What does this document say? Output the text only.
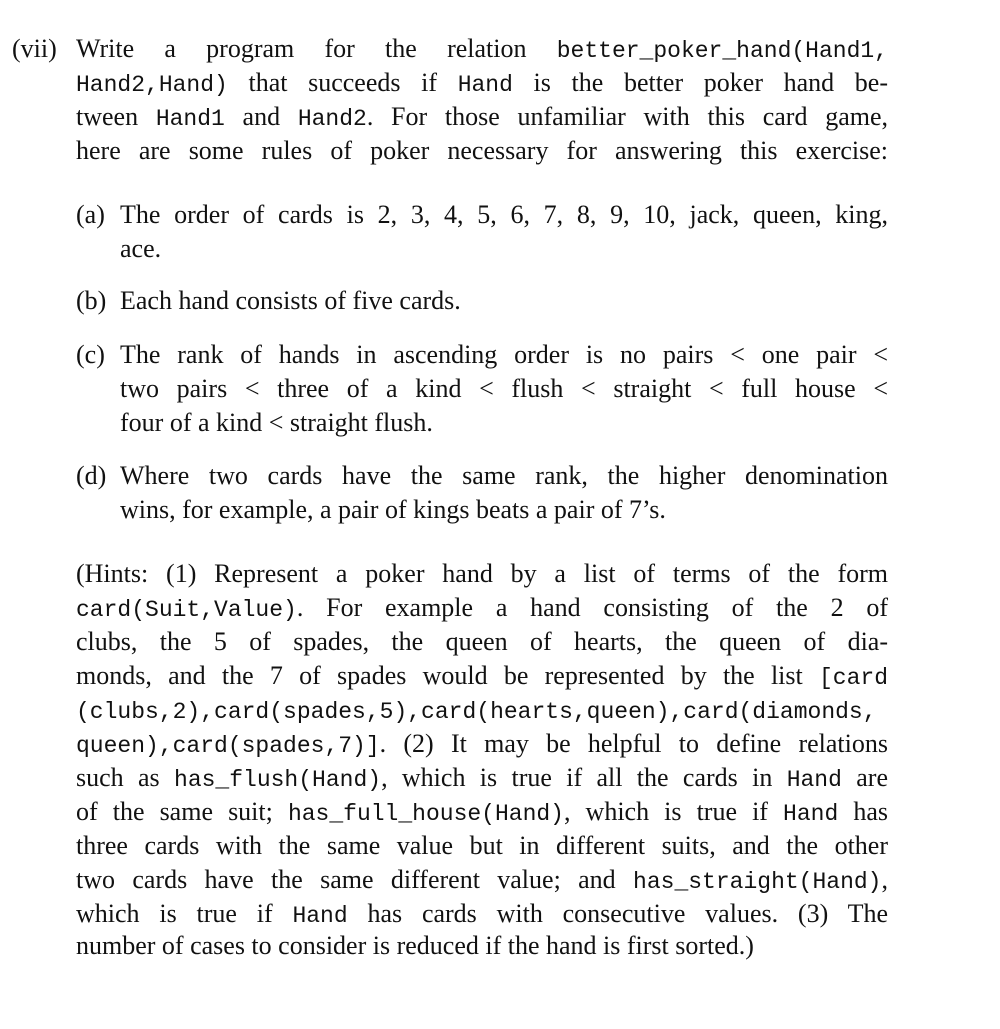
(vii) Write a program for the relation better_poker_hand(Hand1,
Hand2,Hand) that succeeds if Hand is the better poker hand be-
tween Hand1 and Hand2. For those unfamiliar with this card game,
here are some rules of poker necessary for answering this exercise:
(a) The order of cards is 2, 3, 4, 5, 6, 7, 8, 9, 10, jack, queen, king,
ace.
(b) Each hand consists of five cards.
(c) The rank of hands in ascending order is no pairs < one pair <
two pairs < three of a kind < flush < straight < full house <
four of a kind < straight flush.
(d) Where two cards have the same rank, the higher denomination
wins, for example, a pair of kings beats a pair of 7’s.
(Hints: (1) Represent a poker hand by a list of terms of the form
card(Suit,Value). For example a hand consisting of the 2 of
clubs, the 5 of spades, the queen of hearts, the queen of dia-
monds, and the 7 of spades would be represented by the list [card
(clubs,2),card(spades,5),card(hearts,queen),card(diamonds,
queen),card(spades,7)]. (2) It may be helpful to define relations
such as has_flush(Hand), which is true if all the cards in Hand are
of the same suit; has_full_house(Hand), which is true if Hand has
three cards with the same value but in different suits, and the other
two cards have the same different value; and has_straight(Hand),
which is true if Hand has cards with consecutive values. (3) The
number of cases to consider is reduced if the hand is first sorted.)
